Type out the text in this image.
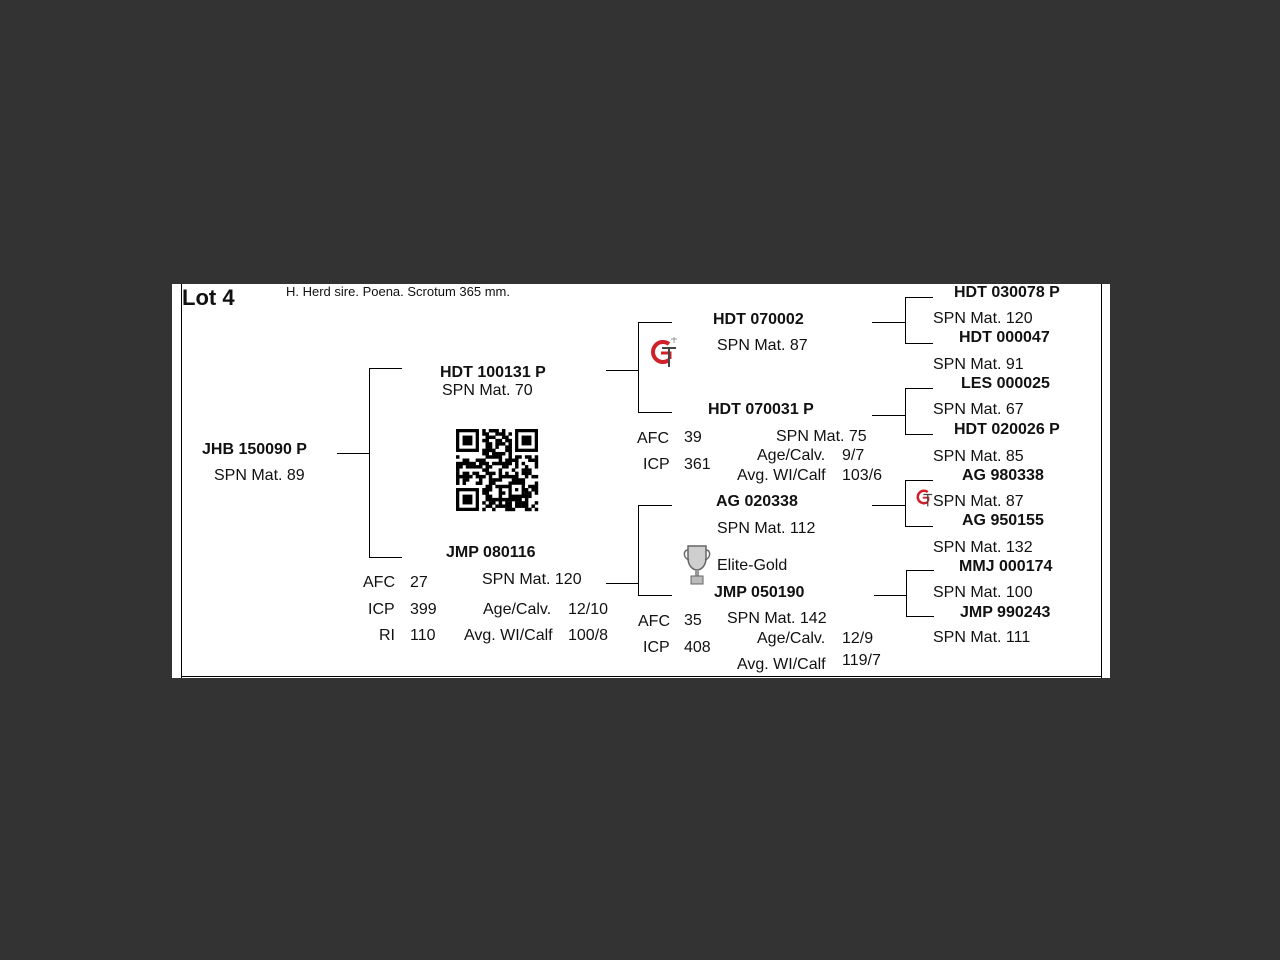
Lot 4	H. Herd sire. Poena. Scrotum 365 mm.
JHB 150090 P
SPN Mat. 89
HDT 100131 P
SPN Mat. 70
JMP 080116
SPN Mat. 120
AFC 27
ICP 399
RI 110
Age/Calv. 12/10
Avg. WI/Calf 100/8
HDT 070002
SPN Mat. 87
HDT 070031 P
SPN Mat. 75
AFC 39
ICP 361
Age/Calv. 9/7
Avg. WI/Calf 103/6
AG 020338
SPN Mat. 112
Elite-Gold
JMP 050190
SPN Mat. 142
AFC 35
ICP 408
Age/Calv. 12/9
Avg. WI/Calf 119/7
HDT 030078 P
SPN Mat. 120
HDT 000047
SPN Mat. 91
LES 000025
SPN Mat. 67
HDT 020026 P
SPN Mat. 85
AG 980338
SPN Mat. 87
AG 950155
SPN Mat. 132
MMJ 000174
SPN Mat. 100
JMP 990243
SPN Mat. 111
